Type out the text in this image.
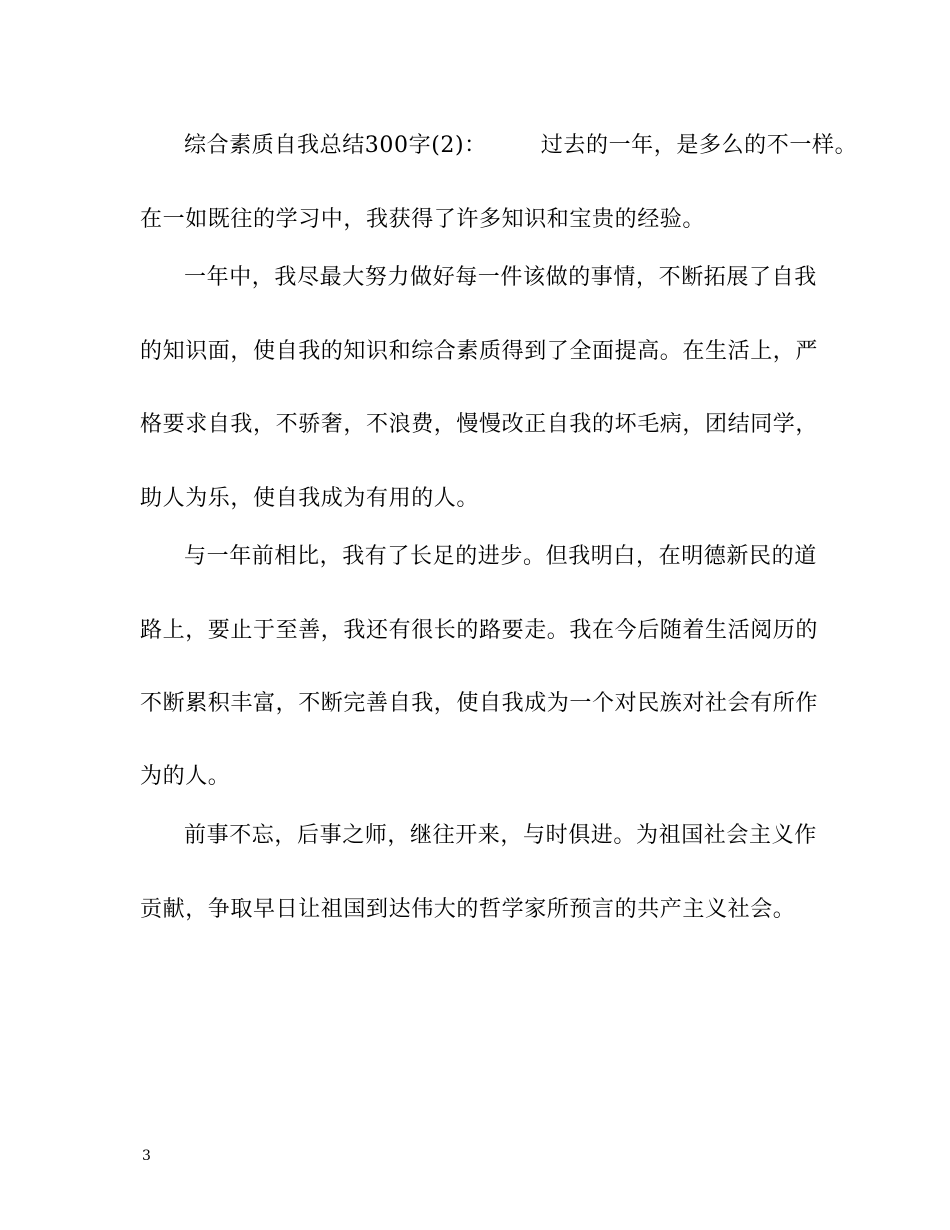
综合素质自我总结300字(2)： 过去的一年，是多么的不一样。
在一如既往的学习中，我获得了许多知识和宝贵的经验。
一年中，我尽最大努力做好每一件该做的事情，不断拓展了自我
的知识面，使自我的知识和综合素质得到了全面提高。在生活上，严
格要求自我，不骄奢，不浪费，慢慢改正自我的坏毛病，团结同学，
助人为乐，使自我成为有用的人。
与一年前相比，我有了长足的进步。但我明白，在明德新民的道
路上，要止于至善，我还有很长的路要走。我在今后随着生活阅历的
不断累积丰富，不断完善自我，使自我成为一个对民族对社会有所作
为的人。
前事不忘，后事之师，继往开来，与时俱进。为祖国社会主义作
贡献，争取早日让祖国到达伟大的哲学家所预言的共产主义社会。
3
